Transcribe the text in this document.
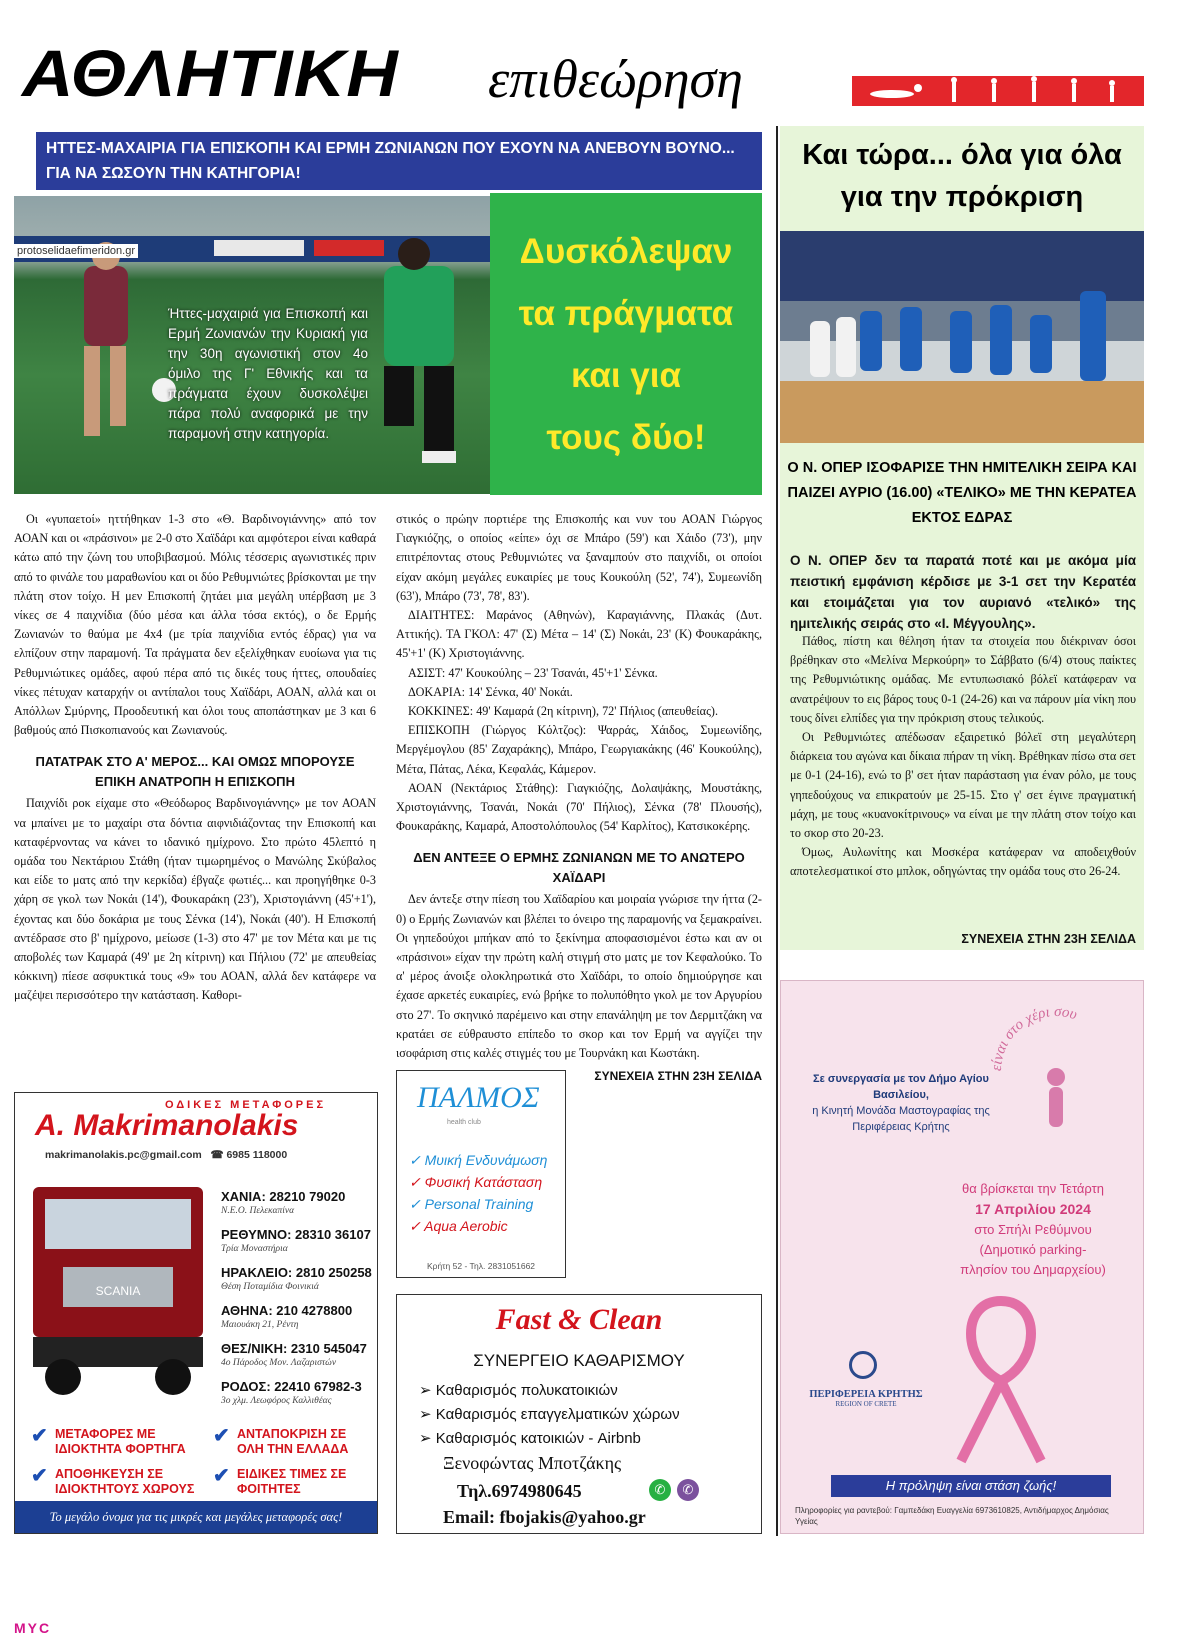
ΑΘΛΗΤΙΚΗ επιθεώρηση
ΗΤΤΕΣ-ΜΑΧΑΙΡΙΑ ΓΙΑ ΕΠΙΣΚΟΠΗ ΚΑΙ ΕΡΜΗ ΖΩΝΙΑΝΩΝ ΠΟΥ ΕΧΟΥΝ ΝΑ ΑΝΕΒΟΥΝ ΒΟΥΝΟ... ΓΙΑ ΝΑ ΣΩΣΟΥΝ ΤΗΝ ΚΑΤΗΓΟΡΙΑ!
protoselidaefimeridon.gr
Ήττες-μαχαιριά για Επισκοπή και Ερμή Ζωνιανών την Κυριακή για την 30η αγωνιστική στον 4ο όμιλο της Γ' Εθνικής και τα πράγματα έχουν δυσκολέψει πάρα πολύ αναφορικά με την παραμονή στην κατηγορία.
Δυσκόλεψαν
τα πράγματα
και για
τους δύο!

Οι «γυπαετοί» ηττήθηκαν 1-3 στο «Θ. Βαρδινογιάννης» από τον ΑΟΑΝ και οι «πράσινοι» με 2-0 στο Χαϊδάρι και αμφότεροι είναι καθαρά κάτω από την ζώνη του υποβιβασμού. Μόλις τέσσερις αγωνιστικές πριν από το φινάλε του μαραθωνίου και οι δύο Ρεθυμνιώτες βρίσκονται με την πλάτη στον τοίχο. Η μεν Επισκοπή ζητάει μια μεγάλη υπέρβαση με 3 νίκες σε 4 παιχνίδια (δύο μέσα και άλλα τόσα εκτός), ο δε Ερμής Ζωνιανών το θαύμα με 4x4 (με τρία παιχνίδια εντός έδρας) για να ελπίζουν στην παραμονή. Τα πράγματα δεν εξελίχθηκαν ευοίωνα για τις Ρεθυμνιώτικες ομάδες, αφού πέρα από τις δικές τους ήττες, οπουδαίες νίκες πέτυχαν καταρχήν οι αντίπαλοι τους Χαϊδάρι, ΑΟΑΝ, αλλά και οι Απόλλων Σμύρνης, Προοδευτική και όλοι τους αποπάστηκαν με 3 και 6 βαθμούς από Πισκοπιανούς και Ζωνιανούς.

ΠΑΤΑΤΡΑΚ ΣΤΟ Α' ΜΕΡΟΣ... ΚΑΙ ΟΜΩΣ ΜΠΟΡΟΥΣΕ ΕΠΙΚΗ ΑΝΑΤΡΟΠΗ Η ΕΠΙΣΚΟΠΗ

Παιχνίδι ροκ είχαμε στο «Θεόδωρος Βαρδινογιάννης» με τον ΑΟΑΝ να μπαίνει με το μαχαίρι στα δόντια αιφνιδιάζοντας την Επισκοπή και καταφέρνοντας να κάνει το ιδανικό ημίχρονο. Στο πρώτο 45λεπτό η ομάδα του Νεκτάριου Στάθη (ήταν τιμωρημένος ο Μανώλης Σκύβαλος και είδε το ματς από την κερκίδα) έβγαζε φωτιές... και προηγήθηκε 0-3 χάρη σε γκολ των Νοκάι (14'), Φουκαράκη (23'), Χριστογιάννη (45'+1'), έχοντας και δύο δοκάρια με τους Σένκα (14'), Νοκάι (40'). Η Επισκοπή αντέδρασε στο β' ημίχρονο, μείωσε (1-3) στο 47' με τον Μέτα και με τις αποβολές των Καμαρά (49' με 2η κίτρινη) και Πήλιου (72' με απευθείας κόκκινη) πίεσε ασφυκτικά τους «9» του ΑΟΑΝ, αλλά δεν κατάφερε να μαζέψει περισσότερο την κατάσταση. Καθορι-

στικός ο πρώην πορτιέρε της Επισκοπής και νυν του ΑΟΑΝ Γιώργος Γιαγκιόζης, ο οποίος «είπε» όχι σε Μπάρο (59') και Χάιδο (73'), μην επιτρέποντας στους Ρεθυμνιώτες να ξαναμπούν στο παιχνίδι, οι οποίοι είχαν ακόμη μεγάλες ευκαιρίες με τους Κουκούλη (52', 74'), Συμεωνίδη (63'), Μπάρο (73', 78', 83').

ΔΙΑΙΤΗΤΕΣ: Μαράνος (Αθηνών), Καραγιάννης, Πλακάς (Δυτ. Αττικής). ΤΑ ΓΚΟΛ: 47' (Σ) Μέτα – 14' (Σ) Νοκάι, 23' (Κ) Φουκαράκης, 45'+1' (Κ) Χριστογιάννης.

ΑΣΙΣΤ: 47' Κουκούλης – 23' Τσανάι, 45'+1' Σένκα.

ΔΟΚΑΡΙΑ: 14' Σένκα, 40' Νοκάι.

ΚΟΚΚΙΝΕΣ: 49' Καμαρά (2η κίτρινη), 72' Πήλιος (απευθείας).

ΕΠΙΣΚΟΠΗ (Γιώργος Κόλτζος): Ψαρράς, Χάιδος, Συμεωνίδης, Μεργέμογλου (85' Ζαχαράκης), Μπάρο, Γεωργιακάκης (46' Κουκούλης), Μέτα, Πάτας, Λέκα, Κεφαλάς, Κάμερον.

ΑΟΑΝ (Νεκτάριος Στάθης): Γιαγκιόζης, Δολαψάκης, Μουστάκης, Χριστογιάννης, Τσανάι, Νοκάι (70' Πήλιος), Σένκα (78' Πλουσής), Φουκαράκης, Καμαρά, Αποστολόπουλος (54' Καρλίτος), Κατσικοκέρης.

ΔΕΝ ΑΝΤΕΞΕ Ο ΕΡΜΗΣ ΖΩΝΙΑΝΩΝ ΜΕ ΤΟ ΑΝΩΤΕΡΟ ΧΑΪΔΑΡΙ

Δεν άντεξε στην πίεση του Χαϊδαρίου και μοιραία γνώρισε την ήττα (2-0) ο Ερμής Ζωνιανών και βλέπει το όνειρο της παραμονής να ξεμακραίνει. Οι γηπεδούχοι μπήκαν από το ξεκίνημα αποφασισμένοι έστω και αν οι «πράσινοι» είχαν την πρώτη καλή στιγμή στο ματς με τον Κεφαλούκο. Το α' μέρος άνοιξε ολοκληρωτικά στο Χαϊδάρι, το οποίο δημιούργησε και έχασε αρκετές ευκαιρίες, ενώ βρήκε το πολυπόθητο γκολ με τον Αργυρίου στο 27'. Το σκηνικό παρέμεινο και στην επανάληψη με τον Δερμιτζάκη να κρατάει σε εύθραυστο επίπεδο το σκορ και τον Ερμή να αγγίζει την ισοφάριση στις καλές στιγμές του με Τουρνάκη και Κωστάκη.

ΣΥΝΕΧΕΙΑ ΣΤΗΝ 23Η ΣΕΛΙΔΑ
Και τώρα... όλα για όλα
για την πρόκριση
Ο Ν. ΟΠΕΡ ΙΣΟΦΑΡΙΣΕ ΤΗΝ ΗΜΙΤΕΛΙΚΗ ΣΕΙΡΑ ΚΑΙ ΠΑΙΖΕΙ ΑΥΡΙΟ (16.00) «ΤΕΛΙΚΟ» ΜΕ ΤΗΝ ΚΕΡΑΤΕΑ ΕΚΤΟΣ ΕΔΡΑΣ
Ο Ν. ΟΠΕΡ δεν τα παρατά ποτέ και με ακόμα μία πειστική εμφάνιση κέρδισε με 3-1 σετ την Κερατέα και ετοιμάζεται για τον αυριανό «τελικό» της ημιτελικής σειράς στο «Ι. Μέγγουλης».

Πάθος, πίστη και θέληση ήταν τα στοιχεία που διέκριναν όσοι βρέθηκαν στο «Μελίνα Μερκούρη» το Σάββατο (6/4) στους παίκτες της Ρεθυμνιώτικης ομάδας. Με εντυπωσιακό βόλεϊ κατάφεραν να ανατρέψουν το εις βάρος τους 0-1 (24-26) και να πάρουν μία νίκη που τους δίνει ελπίδες για την πρόκριση στους τελικούς.

Οι Ρεθυμνιώτες απέδωσαν εξαιρετικό βόλεϊ στη μεγαλύτερη διάρκεια του αγώνα και δίκαια πήραν τη νίκη. Βρέθηκαν πίσω στα σετ με 0-1 (24-16), ενώ το β' σετ ήταν παράσταση για έναν ρόλο, με τους γηπεδούχους να επικρατούν με 25-15. Στο γ' σετ έγινε πραγματική μάχη, με τους «κυανοκίτρινους» να είναι με την πλάτη στον τοίχο και το σκορ στο 20-23.

Όμως, Αυλωνίτης και Μοσκέρα κατάφεραν να αποδειχθούν αποτελεσματικοί στο μπλοκ, οδηγώντας την ομάδα τους στο 26-24.

ΣΥΝΕΧΕΙΑ ΣΤΗΝ 23Η ΣΕΛΙΔΑ
ΟΔΙΚΕΣ ΜΕΤΑΦΟΡΕΣ
A. Makrimanolakis
makrimanolakis.pc@gmail.com   ☎ 6985 118000
SCANIA
ΧΑΝΙΑ: 28210 79020
Ν.Ε.Ο. Πελεκαπίνα
ΡΕΘΥΜΝΟ: 28310 36107
Τρία Μοναστήρια
ΗΡΑΚΛΕΙΟ: 2810 250258
Θέση Ποταμίδια Φοινικιά
ΑΘΗΝΑ: 210 4278800
Μαιουάκη 21, Ρέντη
ΘΕΣ/ΝΙΚΗ: 2310 545047
4ο Πάροδος Μον. Λαζαριστών
ΡΟΔΟΣ: 22410 67982-3
3ο χλμ. Λεωφόρος Καλλιθέας
✔ ΜΕΤΑΦΟΡΕΣ ΜΕ ΙΔΙΟΚΤΗΤΑ ΦΟΡΤΗΓΑ
✔ ΑΝΤΑΠΟΚΡΙΣΗ ΣΕ ΟΛΗ ΤΗΝ ΕΛΛΑΔΑ
✔ ΑΠΟΘΗΚΕΥΣΗ ΣΕ ΙΔΙΟΚΤΗΤΟΥΣ ΧΩΡΟΥΣ
✔ ΕΙΔΙΚΕΣ ΤΙΜΕΣ ΣΕ ΦΟΙΤΗΤΕΣ
Το μεγάλο όνομα για τις μικρές και μεγάλες μεταφορές σας!
ΠΑΛΜΟΣ
health club
✓ Μυική Ενδυνάμωση
✓ Φυσική Κατάσταση
✓ Personal Training
✓ Aqua Aerobic
Κρήτη 52 - Τηλ. 2831051662
Fast & Clean
ΣΥΝΕΡΓΕΙΟ ΚΑΘΑΡΙΣΜΟΥ
➢ Καθαρισμός πολυκατοικιών
➢ Καθαρισμός επαγγελματικών χώρων
➢ Καθαρισμός κατοικιών - Airbnb
Ξενοφώντας Μποτζάκης
Τηλ.6974980645	✆	✆
Email: fbojakis@yahoo.gr
είναι στο χέρι σου
Σε συνεργασία με τον Δήμο Αγίου Βασιλείου,
η Κινητή Μονάδα Μαστογραφίας της Περιφέρειας Κρήτης
θα βρίσκεται την Τετάρτη
17 Απριλίου 2024
στο Σπήλι Ρεθύμνου
(Δημοτικό parking-
πλησίον του Δημαρχείου)
ΠΕΡΙΦΕΡΕΙΑ ΚΡΗΤΗΣ
REGION OF CRETE
Η πρόληψη είναι στάση ζωής!
Πληροφορίες για ραντεβού: Γαμπεδάκη Ευαγγελία 6973610825, Αντιδήμαρχος Δημόσιας Υγείας
MYC
